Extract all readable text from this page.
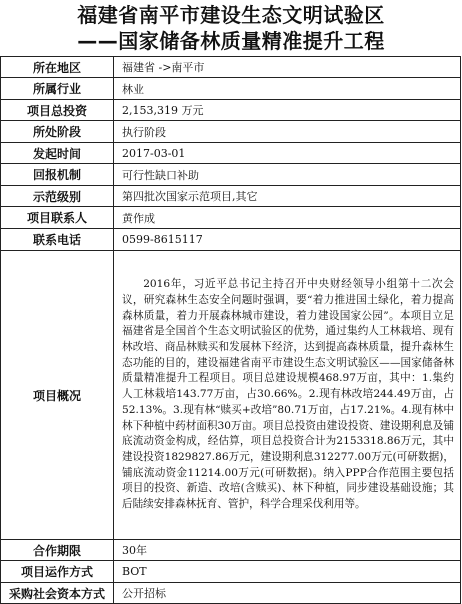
福建省南平市建设生态文明试验区
——国家储备林质量精准提升工程
所在地区	福建省 ->南平市
所属行业	林业
项目总投资	2,153,319 万元
所处阶段	执行阶段
发起时间	2017-03-01
回报机制	可行性缺口补助
示范级别	第四批次国家示范项目,其它
项目联系人	黄作成
联系电话	0599-8615117
项目概况	2016年，习近平总书记主持召开中央财经领导小组第十二次会议，研究森林生态安全问题时强调，要“着力推进国土绿化，着力提高森林质量，着力开展森林城市建设，着力建设国家公园”。本项目立足福建省是全国首个生态文明试验区的优势，通过集约人工林栽培、现有林改培、商品林赎买和发展林下经济，达到提高森林质量，提升森林生态功能的目的，建设福建省南平市建设生态文明试验区——国家储备林质量精准提升工程项目。项目总建设规模468.97万亩，其中：1.集约人工林栽培143.77万亩，占30.66%。2.现有林改培244.49万亩，占52.13%。3.现有林“赎买+改培”80.71万亩，占17.21%。4.现有林中林下种植中药材面积30万亩。项目总投资由建设投资、建设期利息及铺底流动资金构成，经估算，项目总投资合计为2153318.86万元，其中建设投资1829827.86万元，建设期利息312277.00万元(可研数据)，铺底流动资金11214.00万元(可研数据)。纳入PPP合作范围主要包括项目的投资、新造、改培(含赎买)、林下种植，同步建设基础设施；其后陆续安排森林抚育、管护，科学合理采伐利用等。
合作期限	30年
项目运作方式	BOT
采购社会资本方式	公开招标
